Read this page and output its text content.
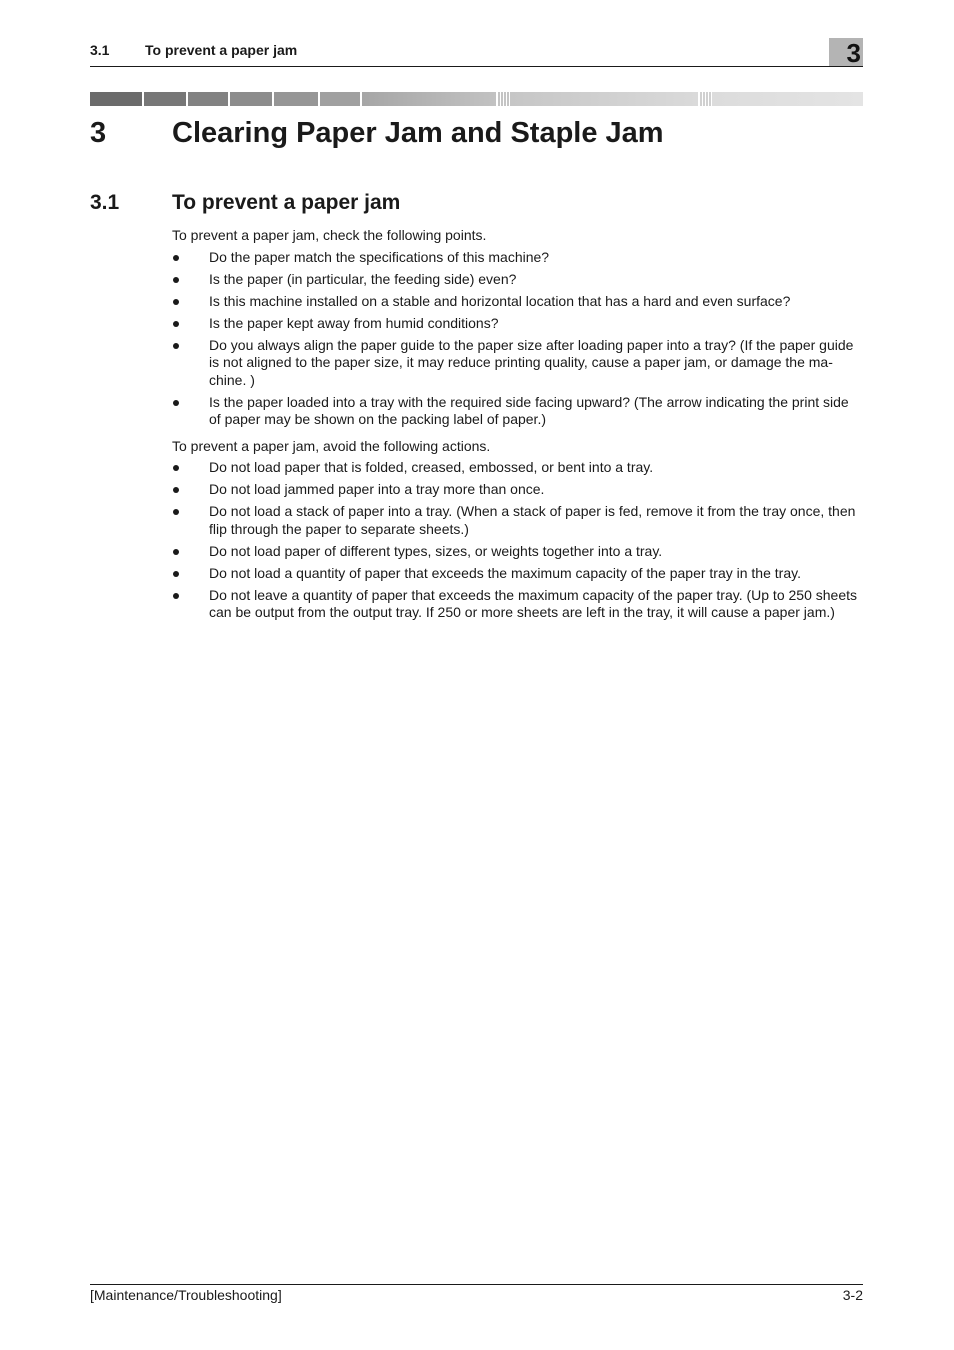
3.1	To prevent a paper jam	3
3 Clearing Paper Jam and Staple Jam
3.1	To prevent a paper jam

To prevent a paper jam, check the following points.

Do the paper match the specifications of this machine?
Is the paper (in particular, the feeding side) even?
Is this machine installed on a stable and horizontal location that has a hard and even surface?
Is the paper kept away from humid conditions?
Do you always align the paper guide to the paper size after loading paper into a tray? (If the paper guide is not aligned to the paper size, it may reduce printing quality, cause a paper jam, or damage the ma-chine. )
Is the paper loaded into a tray with the required side facing upward? (The arrow indicating the print side of paper may be shown on the packing label of paper.)

To prevent a paper jam, avoid the following actions.

Do not load paper that is folded, creased, embossed, or bent into a tray.
Do not load jammed paper into a tray more than once.
Do not load a stack of paper into a tray. (When a stack of paper is fed, remove it from the tray once, then flip through the paper to separate sheets.)
Do not load paper of different types, sizes, or weights together into a tray.
Do not load a quantity of paper that exceeds the maximum capacity of the paper tray in the tray.
Do not leave a quantity of paper that exceeds the maximum capacity of the paper tray. (Up to 250 sheets can be output from the output tray. If 250 or more sheets are left in the tray, it will cause a paper jam.)
[Maintenance/Troubleshooting]	3-2
